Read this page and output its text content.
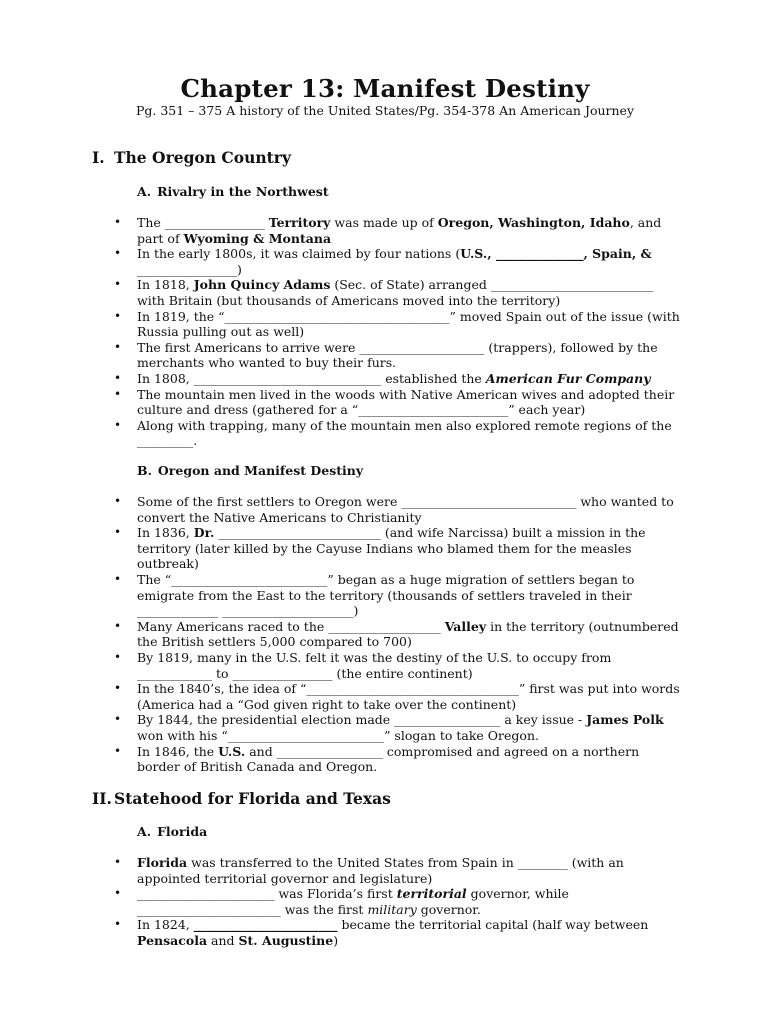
Chapter 13: Manifest Destiny
Pg. 351 – 375 A history of the United States/Pg. 354-378 An American Journey
I. The Oregon Country
A. Rivalry in the Northwest
• The ________________ Territory was made up of Oregon, Washington, Idaho, and part of Wyoming & Montana
• In the early 1800s, it was claimed by four nations (U.S., ______________, Spain, & ________________)
• In 1818, John Quincy Adams (Sec. of State) arranged __________________________ with Britain (but thousands of Americans moved into the territory)
• In 1819, the “____________________________________” moved Spain out of the issue (with Russia pulling out as well)
• The first Americans to arrive were ____________________ (trappers), followed by the merchants who wanted to buy their furs.
• In 1808, ______________________________ established the American Fur Company
• The mountain men lived in the woods with Native American wives and adopted their culture and dress (gathered for a “________________________” each year)
• Along with trapping, many of the mountain men also explored remote regions of the _________.
B. Oregon and Manifest Destiny
• Some of the first settlers to Oregon were ____________________________ who wanted to convert the Native Americans to Christianity
• In 1836, Dr. __________________________ (and wife Narcissa) built a mission in the territory (later killed by the Cayuse Indians who blamed them for the measles outbreak)
• The “_________________________” began as a huge migration of settlers began to emigrate from the East to the territory (thousands of settlers traveled in their _____________ _____________________)
• Many Americans raced to the __________________ Valley in the territory (outnumbered the British settlers 5,000 compared to 700)
• By 1819, many in the U.S. felt it was the destiny of the U.S. to occupy from ____________ to ________________ (the entire continent)
• In the 1840’s, the idea of “__________________________________” first was put into words (America had a “God given right to take over the continent)
• By 1844, the presidential election made _________________ a key issue - James Polk won with his “_________________________” slogan to take Oregon.
• In 1846, the U.S. and _________________ compromised and agreed on a northern border of British Canada and Oregon.
II. Statehood for Florida and Texas
A. Florida
• Florida was transferred to the United States from Spain in ________ (with an appointed territorial governor and legislature)
• ______________________ was Florida’s first territorial governor, while _______________________ was the first military governor.
• In 1824, _______________________ became the territorial capital (half way between Pensacola and St. Augustine)
